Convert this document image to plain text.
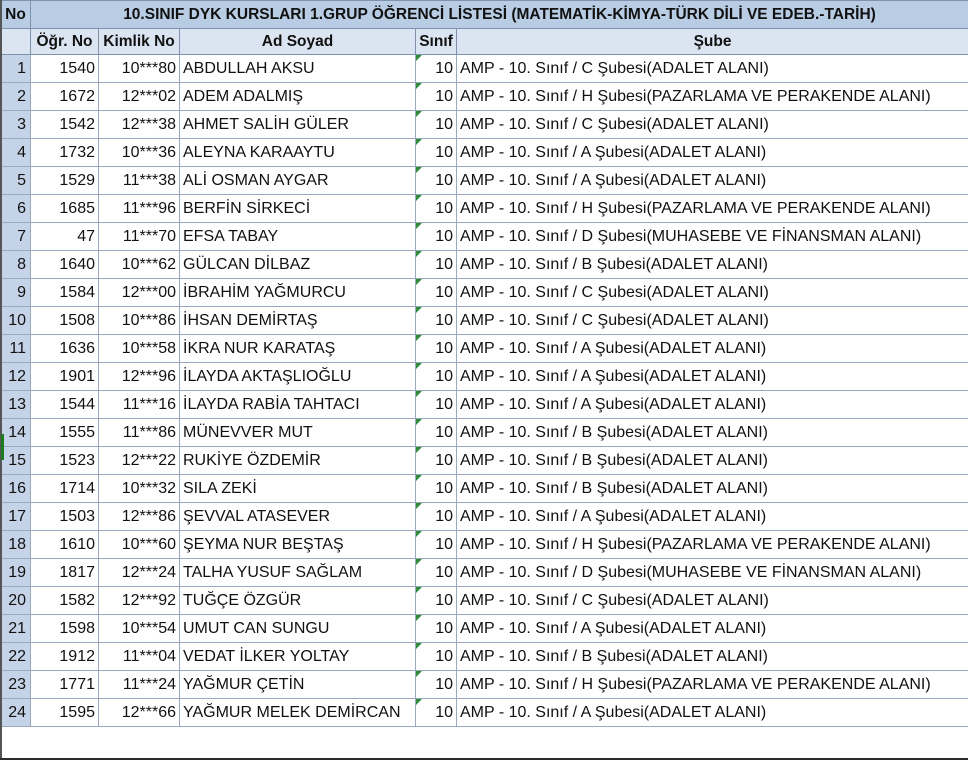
No	10.SINIF DYK KURSLARI 1.GRUP ÖĞRENCİ LİSTESİ (MATEMATİK-KİMYA-TÜRK DİLİ VE EDEB.-TARİH)				
	Öğr. No	Kimlik No	Ad Soyad	Sınıf	Şube
1	1540	10***80	ABDULLAH AKSU	10	AMP - 10. Sınıf / C Şubesi(ADALET ALANI)
2	1672	12***02	ADEM ADALMIŞ	10	AMP - 10. Sınıf / H Şubesi(PAZARLAMA VE PERAKENDE ALANI)
3	1542	12***38	AHMET SALİH GÜLER	10	AMP - 10. Sınıf / C Şubesi(ADALET ALANI)
4	1732	10***36	ALEYNA KARAAYTU	10	AMP - 10. Sınıf / A Şubesi(ADALET ALANI)
5	1529	11***38	ALİ OSMAN AYGAR	10	AMP - 10. Sınıf / A Şubesi(ADALET ALANI)
6	1685	11***96	BERFİN SİRKECİ	10	AMP - 10. Sınıf / H Şubesi(PAZARLAMA VE PERAKENDE ALANI)
7	47	11***70	EFSA TABAY	10	AMP - 10. Sınıf / D Şubesi(MUHASEBE VE FİNANSMAN ALANI)
8	1640	10***62	GÜLCAN DİLBAZ	10	AMP - 10. Sınıf / B Şubesi(ADALET ALANI)
9	1584	12***00	İBRAHİM YAĞMURCU	10	AMP - 10. Sınıf / C Şubesi(ADALET ALANI)
10	1508	10***86	İHSAN DEMİRTAŞ	10	AMP - 10. Sınıf / C Şubesi(ADALET ALANI)
11	1636	10***58	İKRA NUR KARATAŞ	10	AMP - 10. Sınıf / A Şubesi(ADALET ALANI)
12	1901	12***96	İLAYDA AKTAŞLIOĞLU	10	AMP - 10. Sınıf / A Şubesi(ADALET ALANI)
13	1544	11***16	İLAYDA RABİA TAHTACI	10	AMP - 10. Sınıf / A Şubesi(ADALET ALANI)
14	1555	11***86	MÜNEVVER MUT	10	AMP - 10. Sınıf / B Şubesi(ADALET ALANI)
15	1523	12***22	RUKİYE ÖZDEMİR	10	AMP - 10. Sınıf / B Şubesi(ADALET ALANI)
16	1714	10***32	SILA ZEKİ	10	AMP - 10. Sınıf / B Şubesi(ADALET ALANI)
17	1503	12***86	ŞEVVAL ATASEVER	10	AMP - 10. Sınıf / A Şubesi(ADALET ALANI)
18	1610	10***60	ŞEYMA NUR BEŞTAŞ	10	AMP - 10. Sınıf / H Şubesi(PAZARLAMA VE PERAKENDE ALANI)
19	1817	12***24	TALHA YUSUF SAĞLAM	10	AMP - 10. Sınıf / D Şubesi(MUHASEBE VE FİNANSMAN ALANI)
20	1582	12***92	TUĞÇE ÖZGÜR	10	AMP - 10. Sınıf / C Şubesi(ADALET ALANI)
21	1598	10***54	UMUT CAN SUNGU	10	AMP - 10. Sınıf / A Şubesi(ADALET ALANI)
22	1912	11***04	VEDAT İLKER YOLTAY	10	AMP - 10. Sınıf / B Şubesi(ADALET ALANI)
23	1771	11***24	YAĞMUR ÇETİN	10	AMP - 10. Sınıf / H Şubesi(PAZARLAMA VE PERAKENDE ALANI)
24	1595	12***66	YAĞMUR MELEK DEMİRCAN	10	AMP - 10. Sınıf / A Şubesi(ADALET ALANI)
